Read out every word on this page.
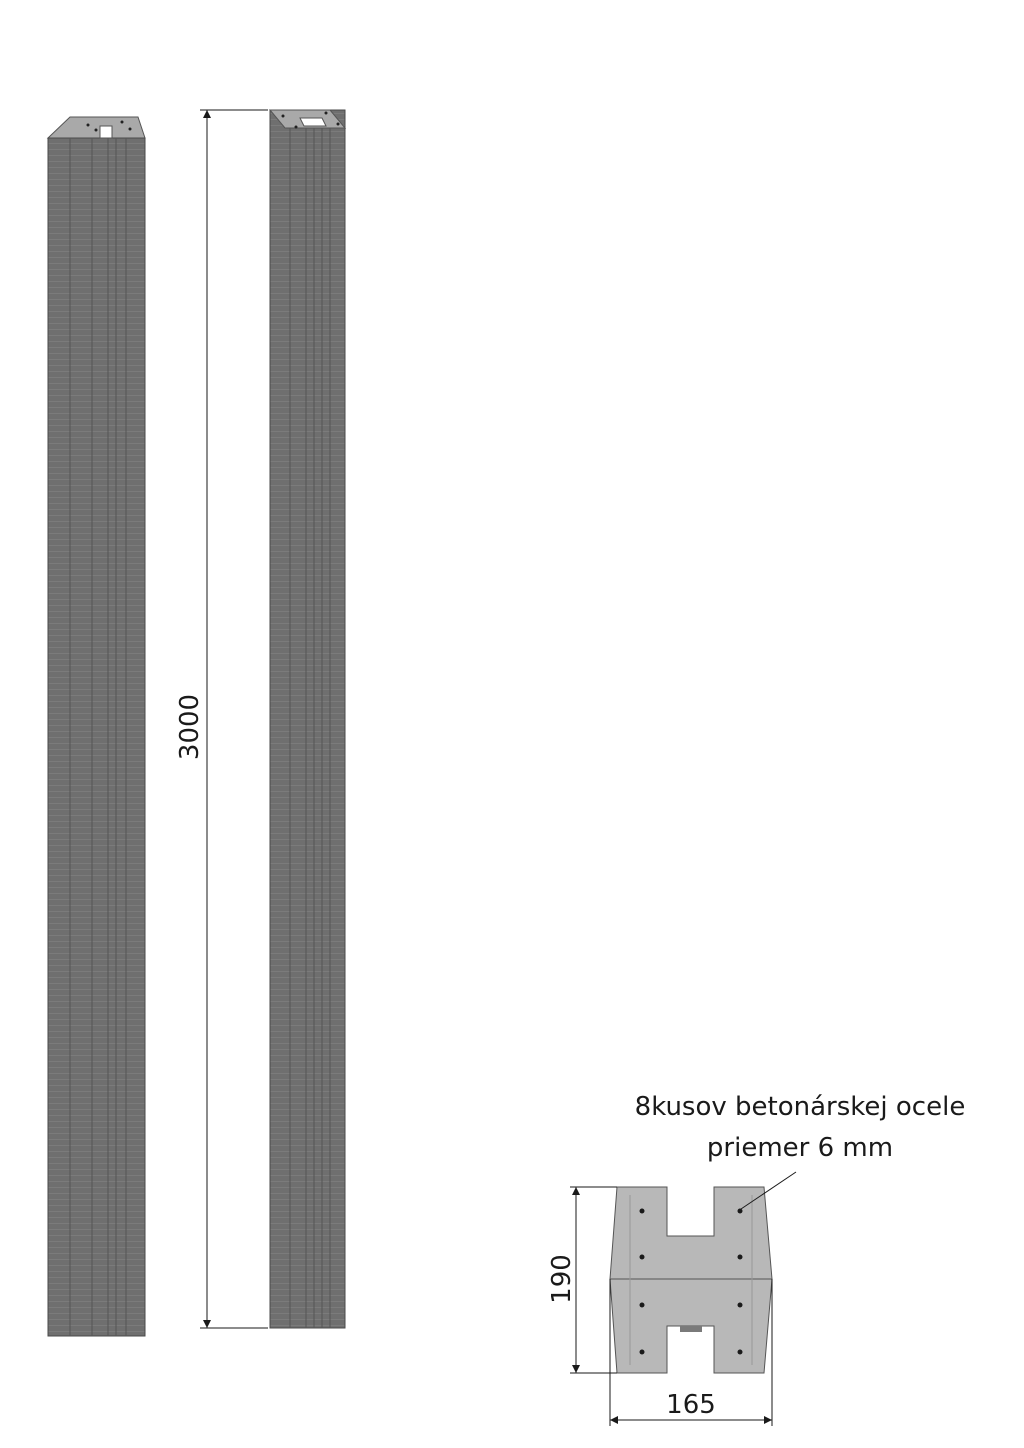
3000
8kusov betonárskej ocele
priemer 6 mm
190
165
